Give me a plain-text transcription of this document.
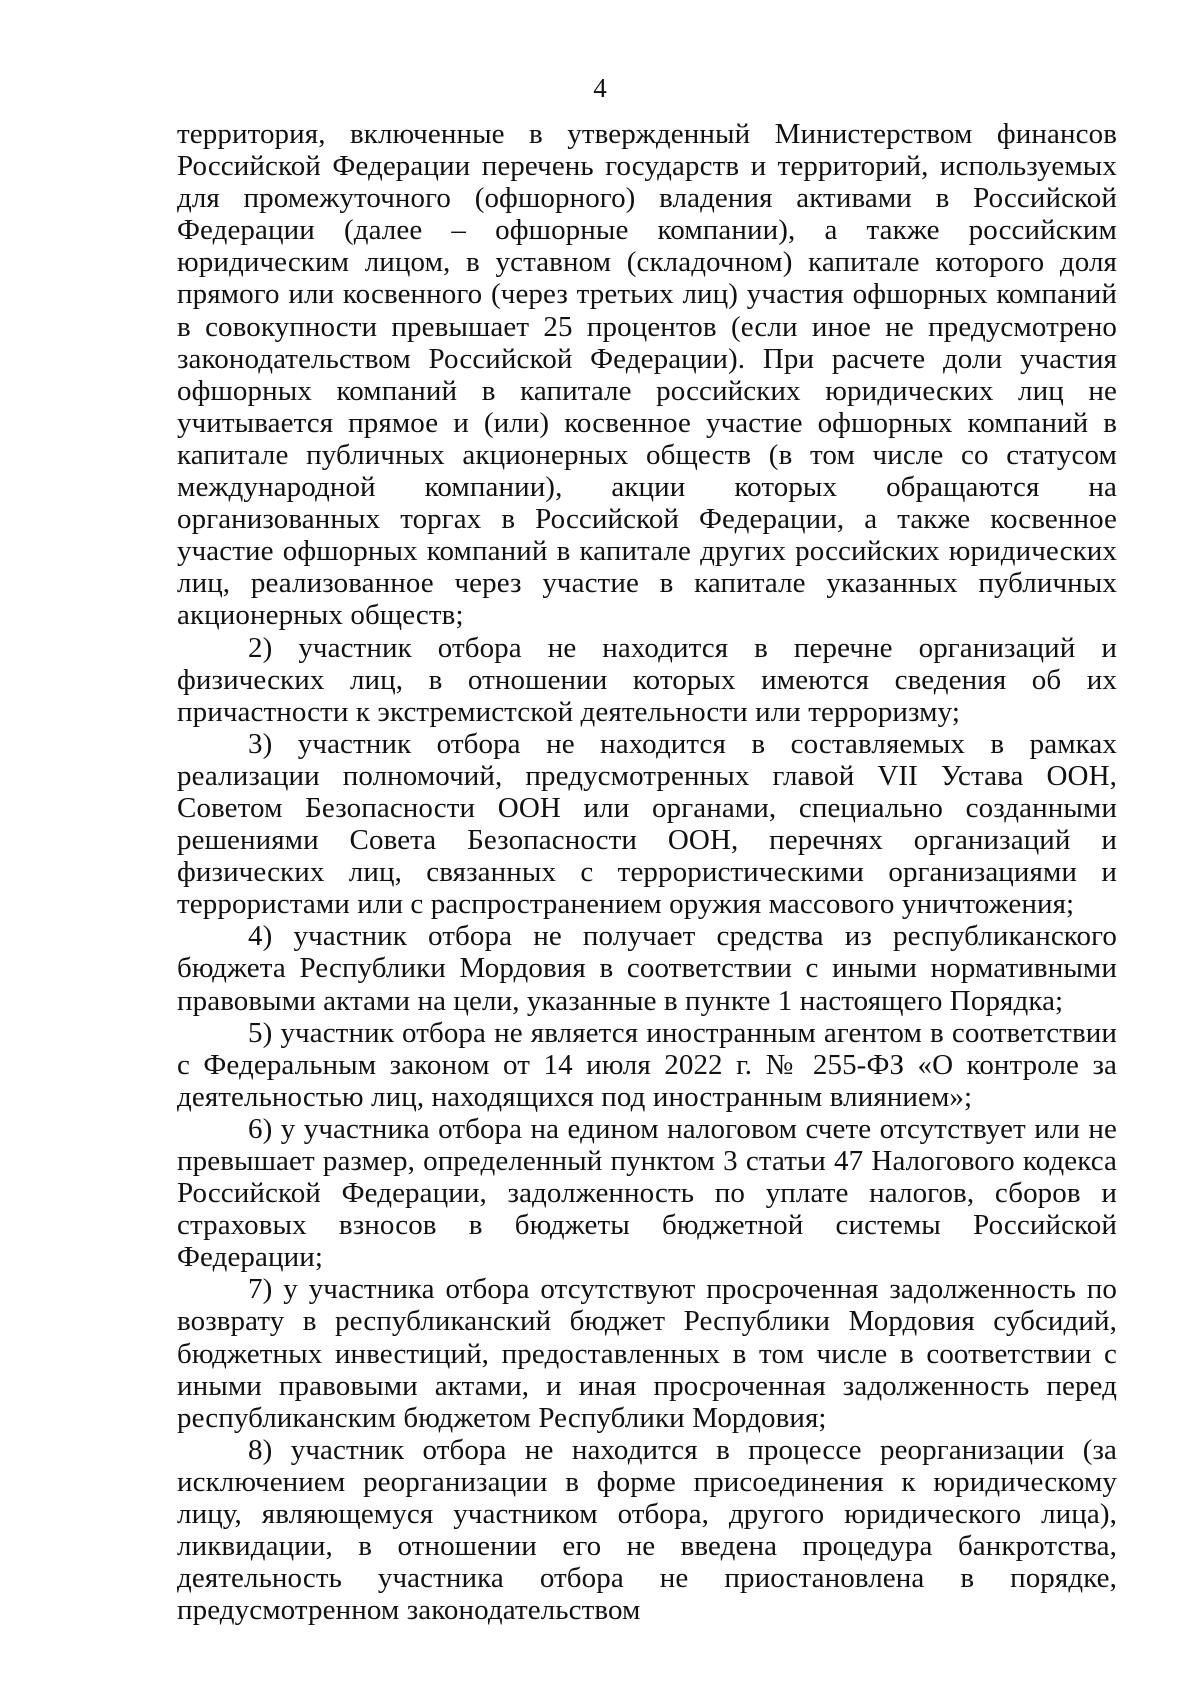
4

территория, включенные в утвержденный Министерством финансов Российской Федерации перечень государств и территорий, используемых для промежуточного (офшорного) владения активами в Российской Федерации (далее – офшорные компании), а также российским юридическим лицом, в уставном (складочном) капитале которого доля прямого или косвенного (через третьих лиц) участия офшорных компаний в совокупности превышает 25 процентов (если иное не предусмотрено законодательством Российской Федерации). При расчете доли участия офшорных компаний в капитале российских юридических лиц не учитывается прямое и (или) косвенное участие офшорных компаний в капитале публичных акционерных обществ (в том числе со статусом международной компании), акции которых обращаются на организованных торгах в Российской Федерации, а также косвенное участие офшорных компаний в капитале других российских юридических лиц, реализованное через участие в капитале указанных публичных акционерных обществ;

2) участник отбора не находится в перечне организаций и физических лиц, в отношении которых имеются сведения об их причастности к экстремистской деятельности или терроризму;

3) участник отбора не находится в составляемых в рамках реализации полномочий, предусмотренных главой VII Устава ООН, Советом Безопасности ООН или органами, специально созданными решениями Совета Безопасности ООН, перечнях организаций и физических лиц, связанных с террористическими организациями и террористами или с распространением оружия массового уничтожения;

4) участник отбора не получает средства из республиканского бюджета Республики Мордовия в соответствии с иными нормативными правовыми актами на цели, указанные в пункте 1 настоящего Порядка;

5) участник отбора не является иностранным агентом в соответствии с Федеральным законом от 14 июля 2022 г. № 255-ФЗ «О контроле за деятельностью лиц, находящихся под иностранным влиянием»;

6) у участника отбора на едином налоговом счете отсутствует или не превышает размер, определенный пунктом 3 статьи 47 Налогового кодекса Российской Федерации, задолженность по уплате налогов, сборов и страховых взносов в бюджеты бюджетной системы Российской Федерации;

7) у участника отбора отсутствуют просроченная задолженность по возврату в республиканский бюджет Республики Мордовия субсидий, бюджетных инвестиций, предоставленных в том числе в соответствии с иными правовыми актами, и иная просроченная задолженность перед республиканским бюджетом Республики Мордовия;

8) участник отбора не находится в процессе реорганизации (за исключением реорганизации в форме присоединения к юридическому лицу, являющемуся участником отбора, другого юридического лица), ликвидации, в отношении его не введена процедура банкротства, деятельность участника отбора не приостановлена в порядке, предусмотренном законодательством
